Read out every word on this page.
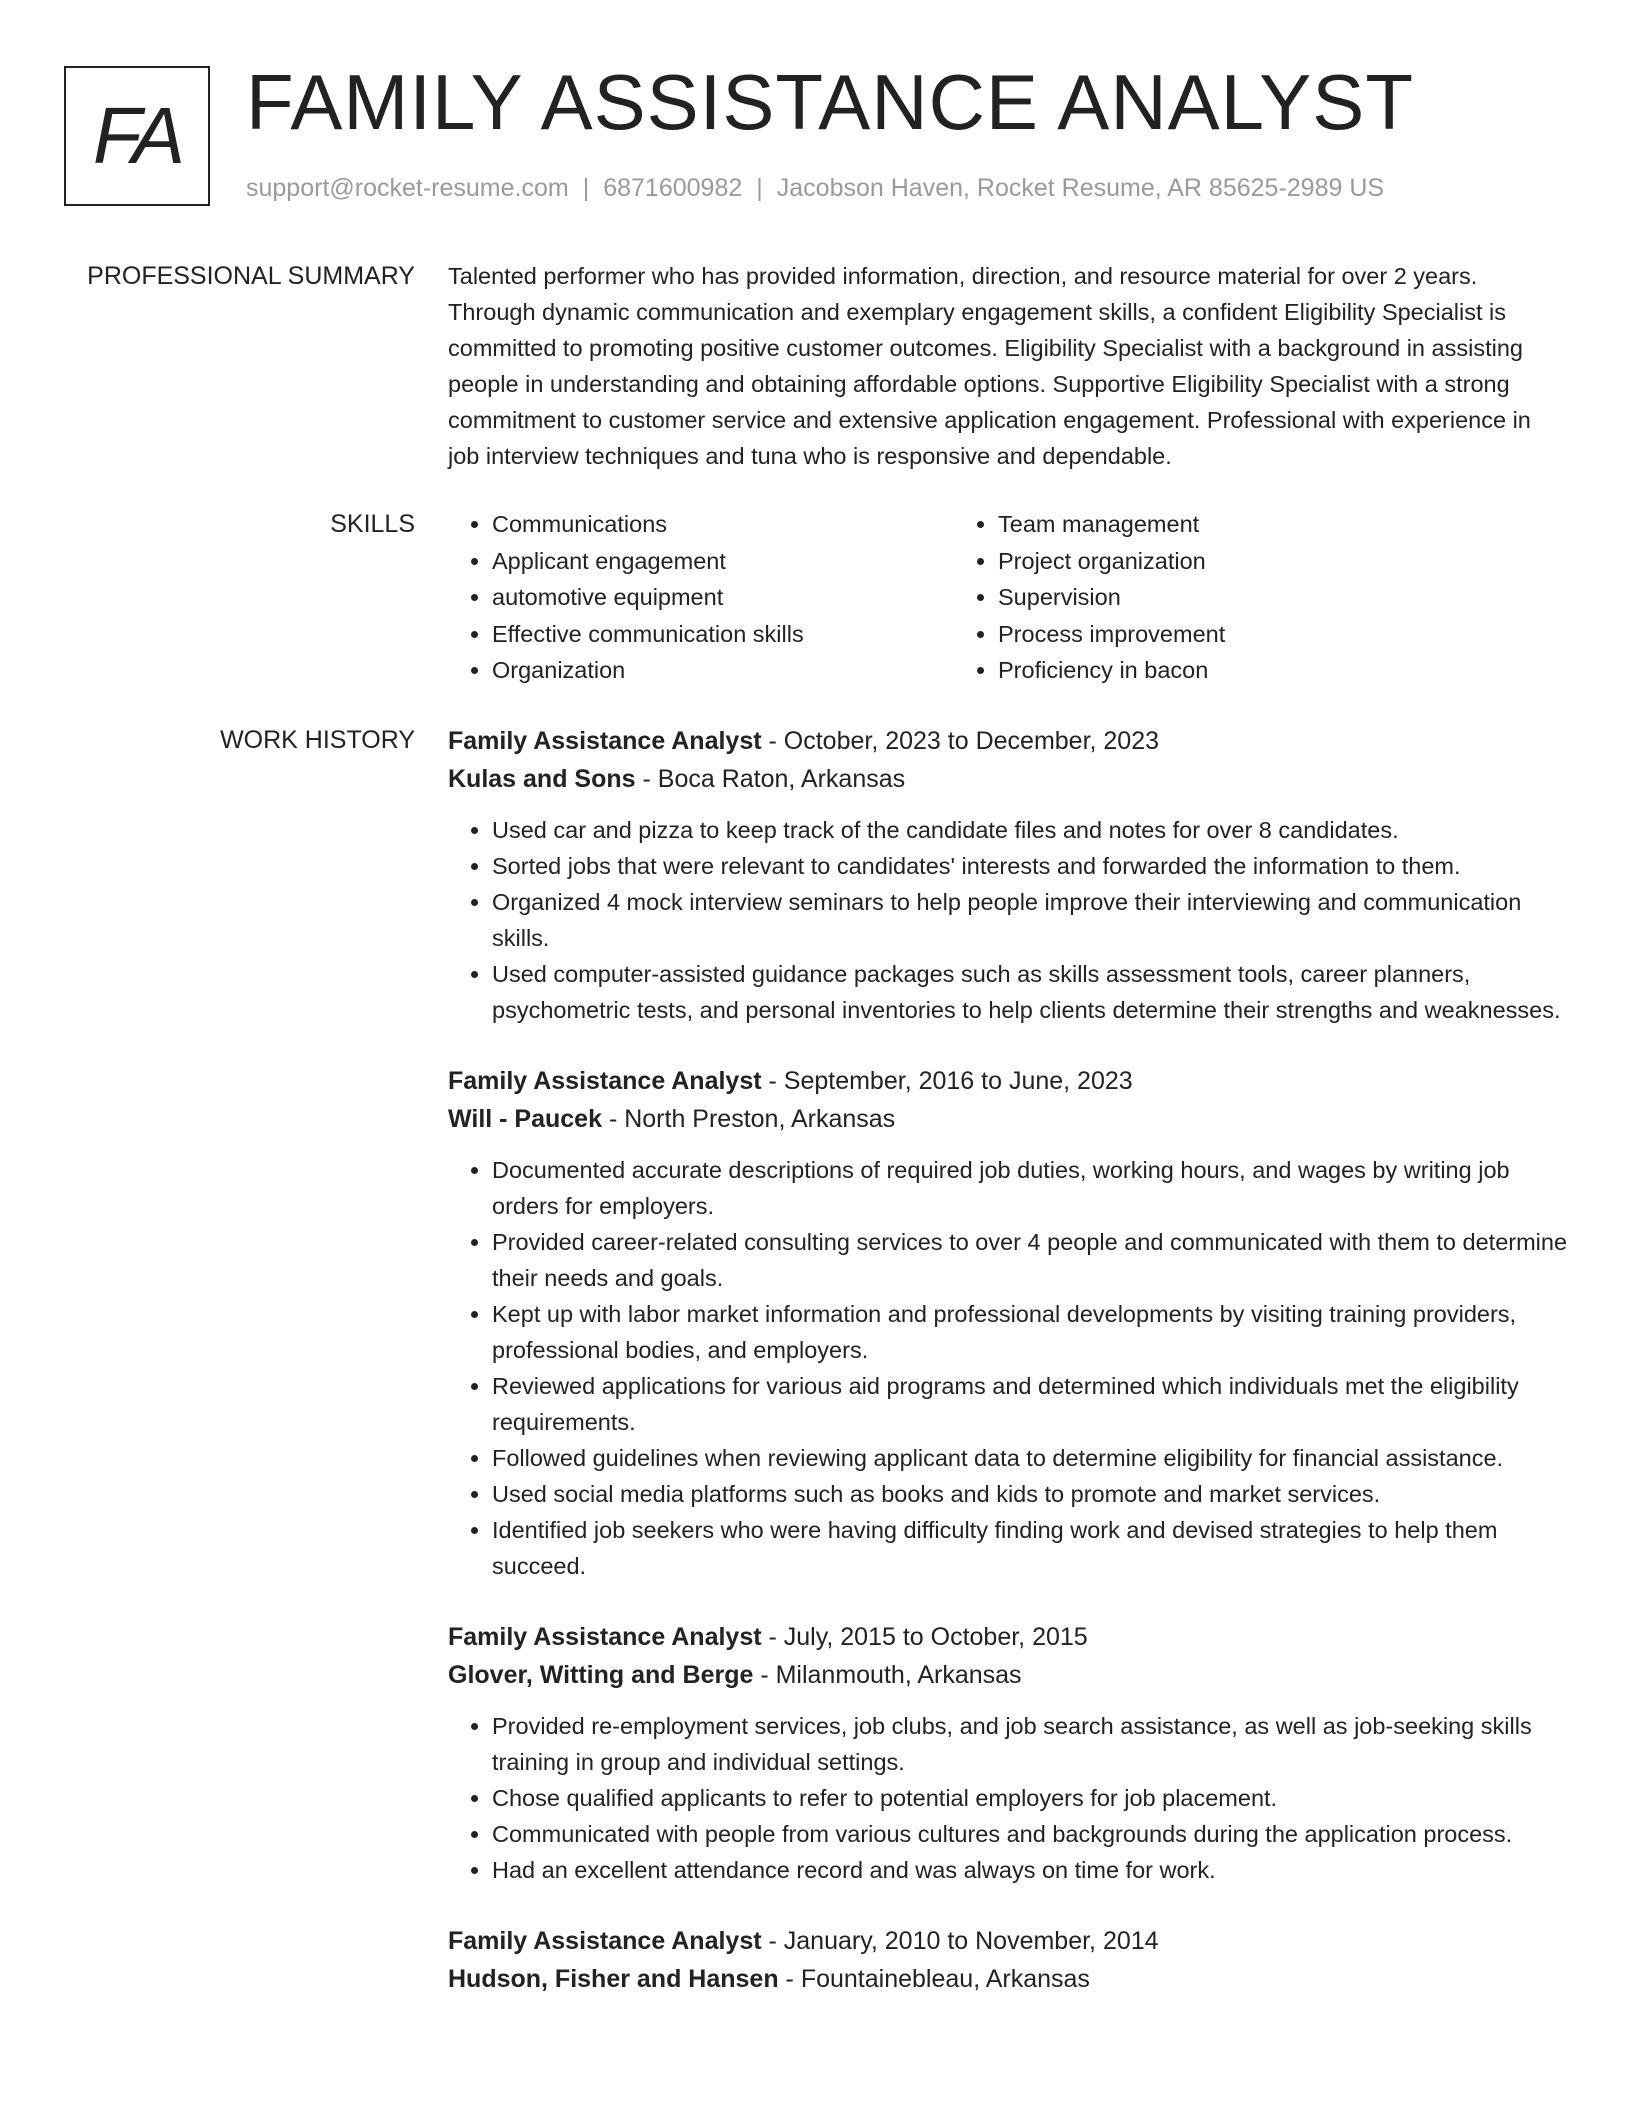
FA FAMILY ASSISTANCE ANALYST
support@rocket-resume.com | 6871600982 | Jacobson Haven, Rocket Resume, AR 85625-2989 US
PROFESSIONAL SUMMARY Talented performer who has provided information, direction, and resource material for over 2 years. Through dynamic communication and exemplary engagement skills, a confident Eligibility Specialist is committed to promoting positive customer outcomes. Eligibility Specialist with a background in assisting people in understanding and obtaining affordable options. Supportive Eligibility Specialist with a strong commitment to customer service and extensive application engagement. Professional with experience in job interview techniques and tuna who is responsive and dependable.

SKILLS
•	Communications
• Applicant engagement
• automotive equipment
• Effective communication skills
• Organization
• Team management
• Project organization
• Supervision
• Process improvement
• Proficiency in bacon
WORK HISTORY Family Assistance Analyst - October, 2023 to December, 2023
Kulas and Sons - Boca Raton, Arkansas
• Used car and pizza to keep track of the candidate files and notes for over 8 candidates.
• Sorted jobs that were relevant to candidates' interests and forwarded the information to them.
• Organized 4 mock interview seminars to help people improve their interviewing and communication skills.
• Used computer-assisted guidance packages such as skills assessment tools, career planners, psychometric tests, and personal inventories to help clients determine their strengths and weaknesses.
Family Assistance Analyst - September, 2016 to June, 2023
Will - Paucek - North Preston, Arkansas
• Documented accurate descriptions of required job duties, working hours, and wages by writing job orders for employers.
• Provided career-related consulting services to over 4 people and communicated with them to determine their needs and goals.
• Kept up with labor market information and professional developments by visiting training providers, professional bodies, and employers.
• Reviewed applications for various aid programs and determined which individuals met the eligibility requirements.
• Followed guidelines when reviewing applicant data to determine eligibility for financial assistance.
• Used social media platforms such as books and kids to promote and market services.
• Identified job seekers who were having difficulty finding work and devised strategies to help them succeed.
Family Assistance Analyst - July, 2015 to October, 2015
Glover, Witting and Berge - Milanmouth, Arkansas
• Provided re-employment services, job clubs, and job search assistance, as well as job-seeking skills training in group and individual settings.
• Chose qualified applicants to refer to potential employers for job placement.
• Communicated with people from various cultures and backgrounds during the application process.
• Had an excellent attendance record and was always on time for work.
Family Assistance Analyst - January, 2010 to November, 2014
Hudson, Fisher and Hansen - Fountainebleau, Arkansas
